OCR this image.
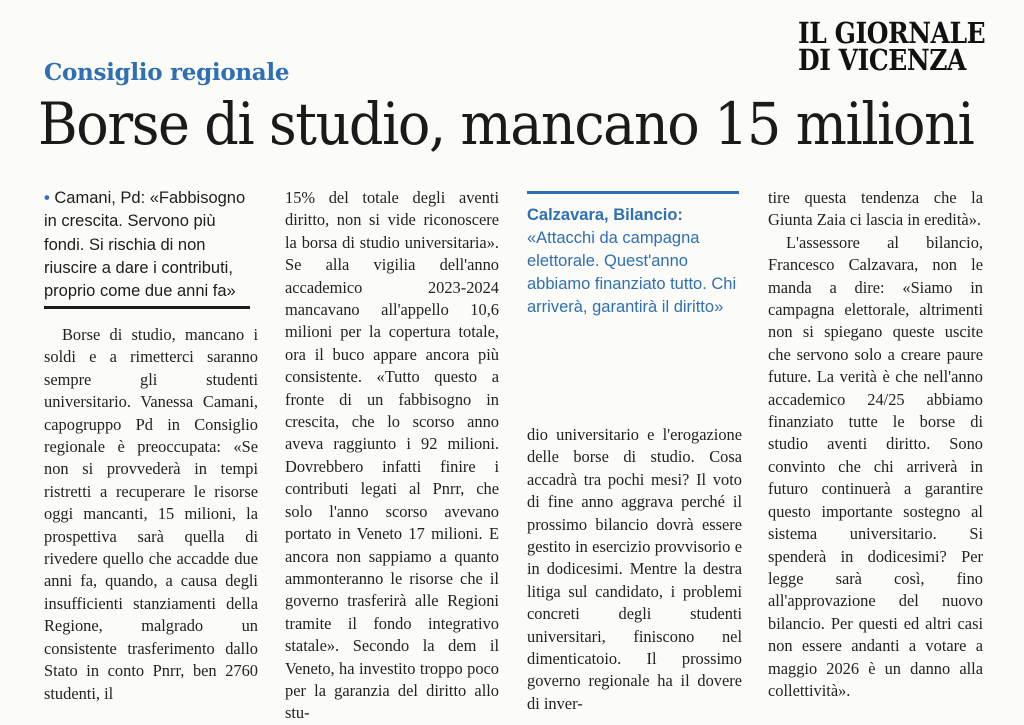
IL GIORNALE
DI VICENZA
Consiglio regionale
Borse di studio, mancano 15 milioni
• Camani, Pd: «Fabbisogno in crescita. Servono più fondi. Si rischia di non riuscire a dare i contributi, proprio come due anni fa»

Borse di studio, mancano i soldi e a rimetterci saranno sempre gli studenti universitario. Vanessa Camani, capogruppo Pd in Consiglio regionale è preoccupata: «Se non si provvederà in tempi ristretti a recuperare le risorse oggi mancanti, 15 milioni, la prospettiva sarà quella di rivedere quello che accadde due anni fa, quando, a causa degli insufficienti stanziamenti della Regione, malgrado un consistente trasferimento dallo Stato in conto Pnrr, ben 2760 studenti, il

15% del totale degli aventi diritto, non si vide riconoscere la borsa di studio universitaria». Se alla vigilia dell'anno accademico 2023-2024 mancavano all'appello 10,6 milioni per la copertura totale, ora il buco appare ancora più consistente. «Tutto questo a fronte di un fabbisogno in crescita, che lo scorso anno aveva raggiunto i 92 milioni. Dovrebbero infatti finire i contributi legati al Pnrr, che solo l'anno scorso avevano portato in Veneto 17 milioni. E ancora non sappiamo a quanto ammonteranno le risorse che il governo trasferirà alle Regioni tramite il fondo integrativo statale». Secondo la dem il Veneto, ha investito troppo poco per la garanzia del diritto allo stu-

Calzavara, Bilancio:
«Attacchi da campagna elettorale. Quest'anno abbiamo finanziato tutto. Chi arriverà, garantirà il diritto»

dio universitario e l'erogazione delle borse di studio. Cosa accadrà tra pochi mesi? Il voto di fine anno aggrava perché il prossimo bilancio dovrà essere gestito in esercizio provvisorio e in dodicesimi. Mentre la destra litiga sul candidato, i problemi concreti degli studenti universitari, finiscono nel dimenticatoio. Il prossimo governo regionale ha il dovere di inver-

tire questa tendenza che la Giunta Zaia ci lascia in eredità».

L'assessore al bilancio, Francesco Calzavara, non le manda a dire: «Siamo in campagna elettorale, altrimenti non si spiegano queste uscite che servono solo a creare paure future. La verità è che nell'anno accademico 24/25 abbiamo finanziato tutte le borse di studio aventi diritto. Sono convinto che chi arriverà in futuro continuerà a garantire questo importante sostegno al sistema universitario. Si spenderà in dodicesimi? Per legge sarà così, fino all'approvazione del nuovo bilancio. Per questi ed altri casi non essere andanti a votare a maggio 2026 è un danno alla collettività».
